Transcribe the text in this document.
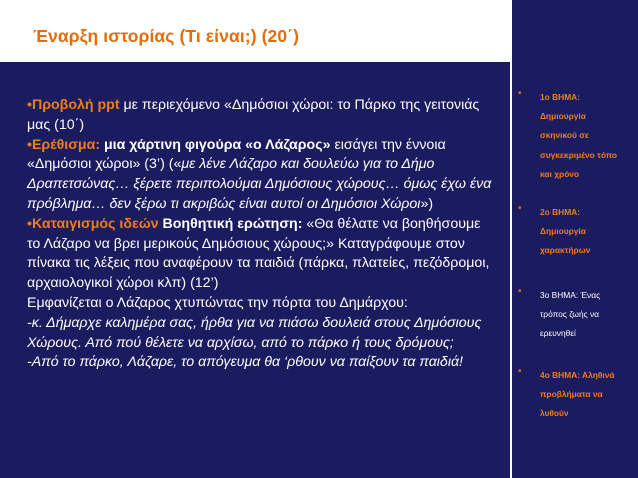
Έναρξη ιστορίας (Τι είναι;) (20΄)

•Προβολή ppt με περιεχόμενο «Δημόσιοι χώροι: το Πάρκο της γειτονιάς μας (10΄)

•Ερέθισμα: μια χάρτινη φιγούρα «ο Λάζαρος» εισάγει την έννοια «Δημόσιοι χώροι» (3’) («με λένε Λάζαρο και δουλεύω για το Δήμο Δραπετσώνας… ξέρετε περιπολούμαι Δημόσιους χώρους… όμως έχω ένα πρόβλημα… δεν ξέρω τι ακριβώς είναι αυτοί οι Δημόσιοι Χώροι»)

•Καταιγισμός ιδεών Βοηθητική ερώτηση: «Θα θέλατε να βοηθήσουμε το Λάζαρο να βρει μερικούς Δημόσιους χώρους;» Καταγράφουμε στον πίνακα τις λέξεις που αναφέρουν τα παιδιά (πάρκα, πλατείες, πεζόδρομοι, αρχαιολογικοί χώροι κλπ) (12’)

Εμφανίζεται ο Λάζαρος χτυπώντας την πόρτα του Δημάρχου:

-κ. Δήμαρχε καλημέρα σας, ήρθα για να πιάσω δουλειά στους Δημόσιους Χώρους. Από πού θέλετε να αρχίσω, από το πάρκο ή τους δρόμους;

-Από το πάρκο, Λάζαρε, το απόγευμα θα ‘ρθουν να παίξουν τα παιδιά!

• 1ο ΒΗΜΑ:
Δημιουργία
σκηνικού σε
συγκεκριμένο τόπο
και χρόνο
• 2ο ΒΗΜΑ:
Δημιουργία
χαρακτήρων
• 3ο ΒΗΜΑ: Ένας
τρόπος ζωής να
ερευνηθεί
• 4ο ΒΗΜΑ: Αληθινά
προβλήματα να
λυθούν
